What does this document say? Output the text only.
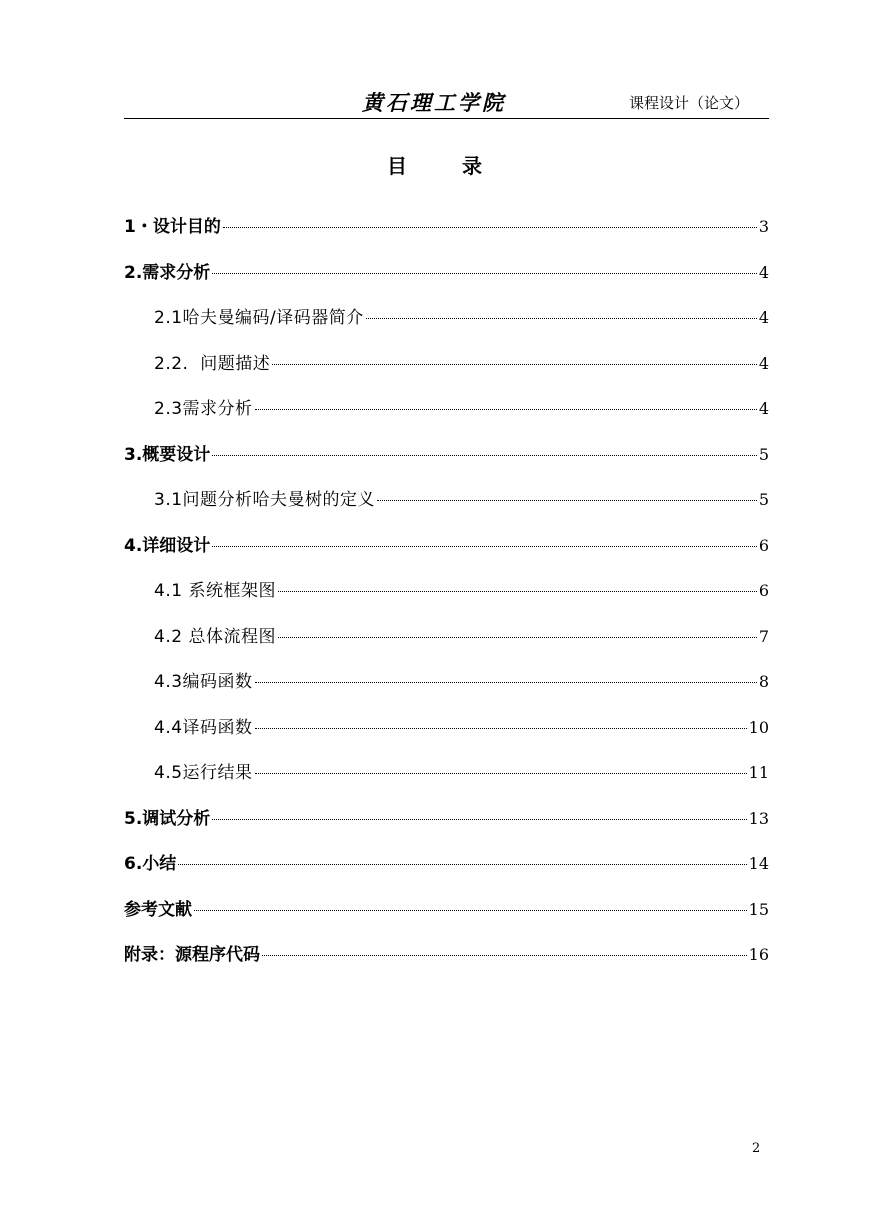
黄石理工学院	课程设计（论文）
目 录
1・设计目的	3
2.需求分析	4
2.1哈夫曼编码/译码器简介	4
2.2.  问题描述	4
2.3需求分析	4
3.概要设计	5
3.1问题分析哈夫曼树的定义	5
4.详细设计	6
4.1 系统框架图	6
4.2 总体流程图	7
4.3编码函数	8
4.4译码函数	10
4.5运行结果	11
5.调试分析	13
6.小结	14
参考文献	15
附录：源程序代码	16
2
